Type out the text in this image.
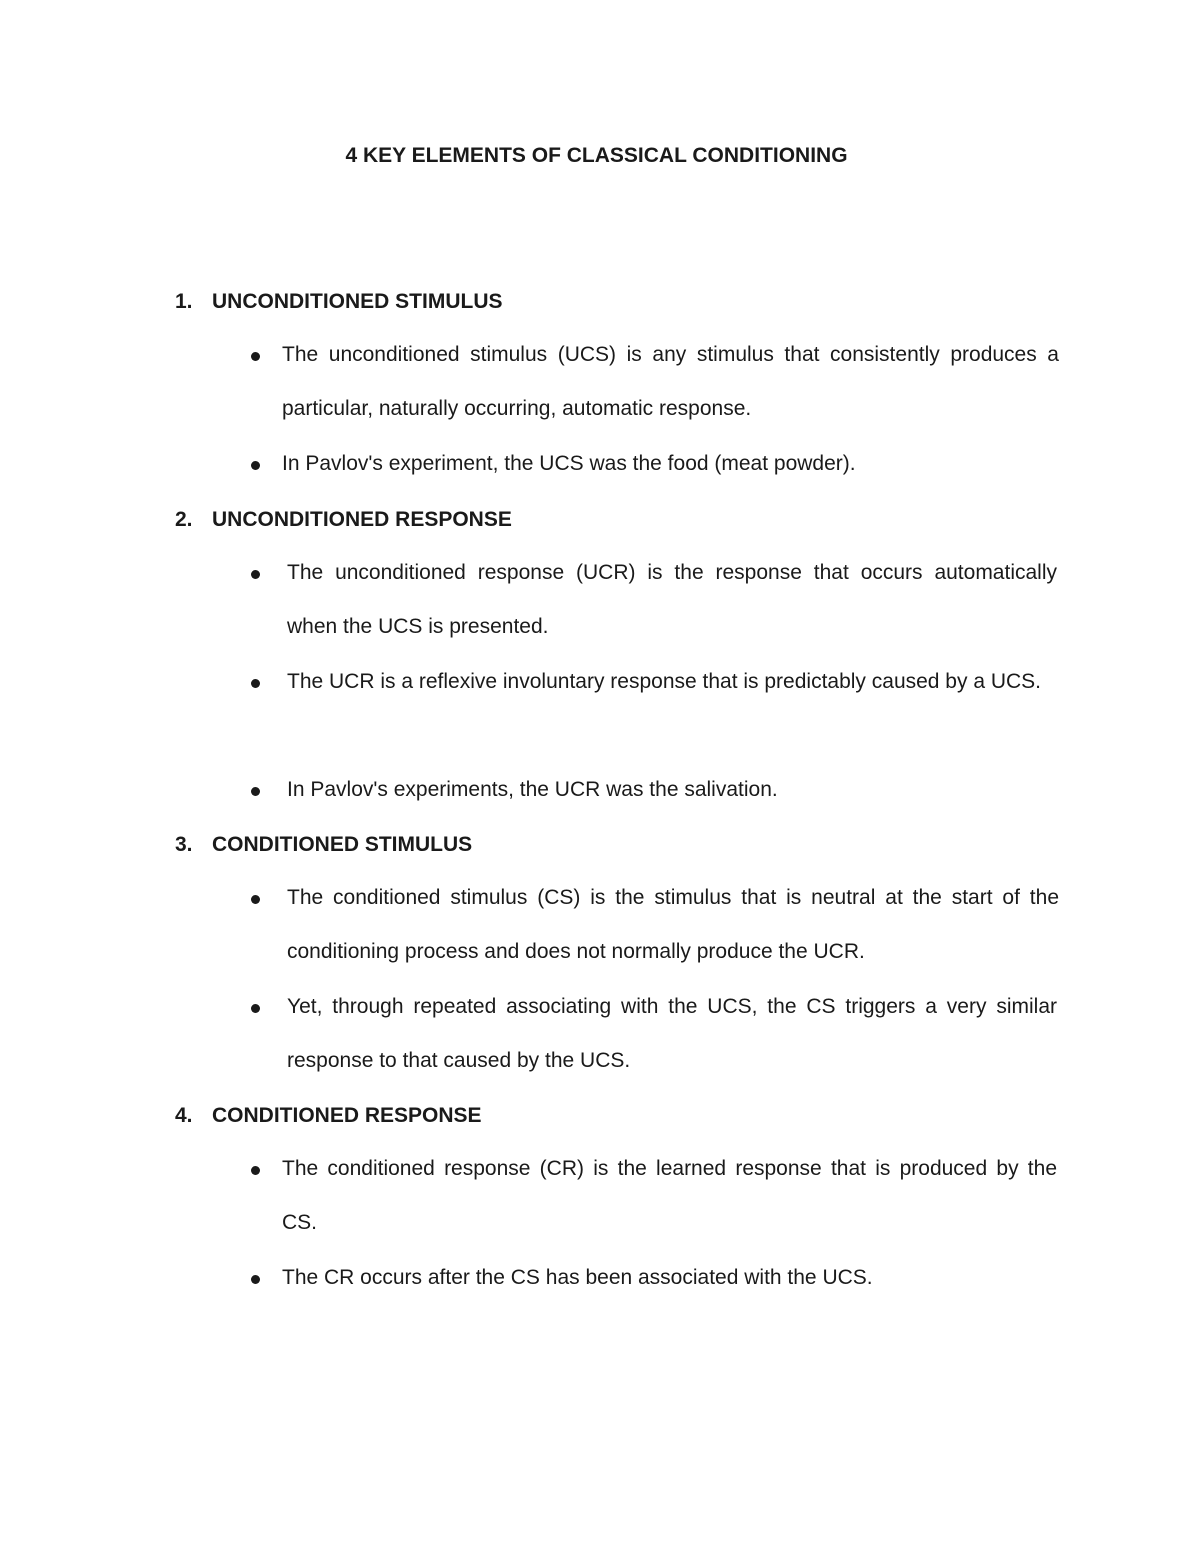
4 KEY ELEMENTS OF CLASSICAL CONDITIONING
1. UNCONDITIONED STIMULUS

The unconditioned stimulus (UCS) is any stimulus that consistently produces a particular, naturally occurring, automatic response.

In Pavlov's experiment, the UCS was the food (meat powder).

2. UNCONDITIONED RESPONSE

The unconditioned response (UCR) is the response that occurs automatically when the UCS is presented.

The UCR is a reflexive involuntary response that is predictably caused by a UCS.

In Pavlov's experiments, the UCR was the salivation.

3. CONDITIONED STIMULUS

The conditioned stimulus (CS) is the stimulus that is neutral at the start of the conditioning process and does not normally produce the UCR.

Yet, through repeated associating with the UCS, the CS triggers a very similar response to that caused by the UCS.

4. CONDITIONED RESPONSE

The conditioned response (CR) is the learned response that is produced by the CS.

The CR occurs after the CS has been associated with the UCS.
